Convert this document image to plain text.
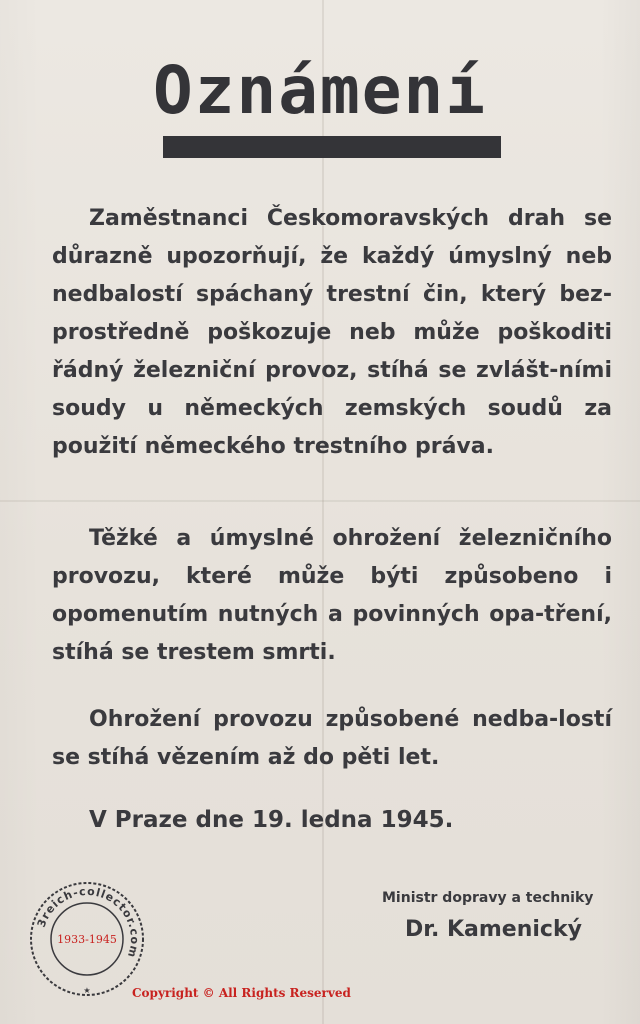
Oznámení
Zaměstnanci Českomoravských drah se důrazně upozorňují, že každý úmyslný neb nedbalostí spáchaný trestní čin, který bez-prostředně poškozuje neb může poškoditi řádný železniční provoz, stíhá se zvlášt-ními soudy u německých zemských soudů za použití německého trestního práva.
Těžké a úmyslné ohrožení železničního provozu, které může býti způsobeno i opomenutím nutných a povinných opa-tření, stíhá se trestem smrti.
Ohrožení provozu způsobené nedba-lostí se stíhá vězením až do pěti let.
V Praze dne 19. ledna 1945.
Ministr dopravy a techniky
Dr. Kamenický
3reich-collector.com
1933-1945
★	Copyright © All Rights Reserved
